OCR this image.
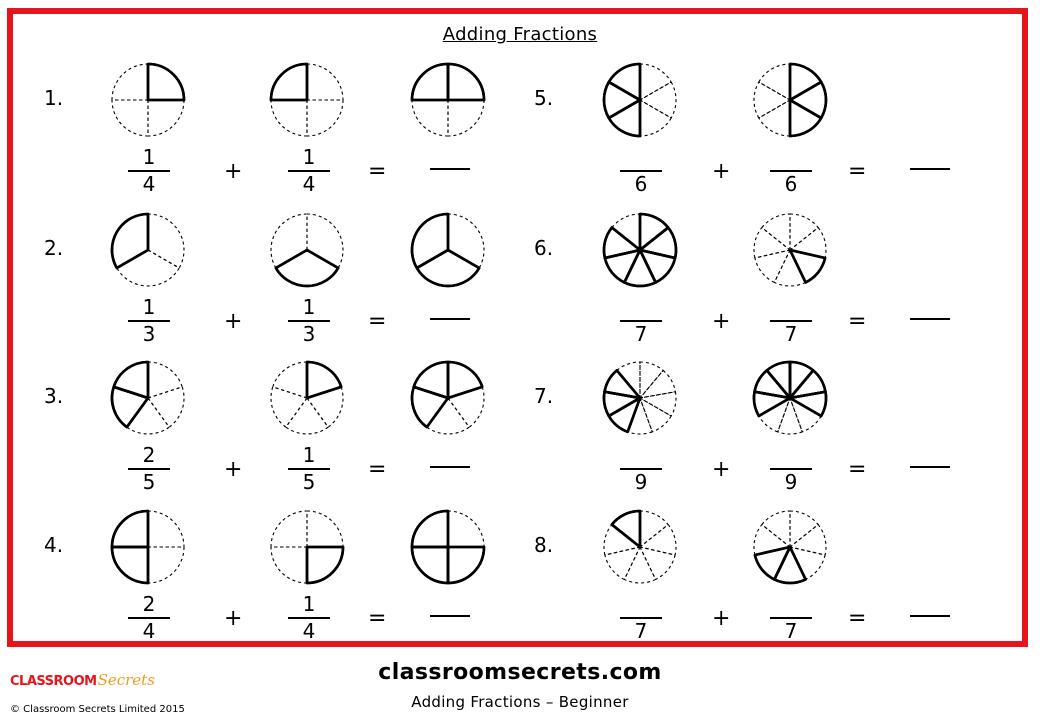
Adding Fractions
1.
1
4
1
4
+	=
2.
1
3
1
3
+	=
3.
2
5
1
5
+	=
4.
2
4
1
4
+	=
5.
6	6
+	=
6.
7	7
+	=
7.
9	9
+	=
8.
7	7
+	=
CLASSROOMSecrets
© Classroom Secrets Limited 2015
classroomsecrets.com
Adding Fractions – Beginner
